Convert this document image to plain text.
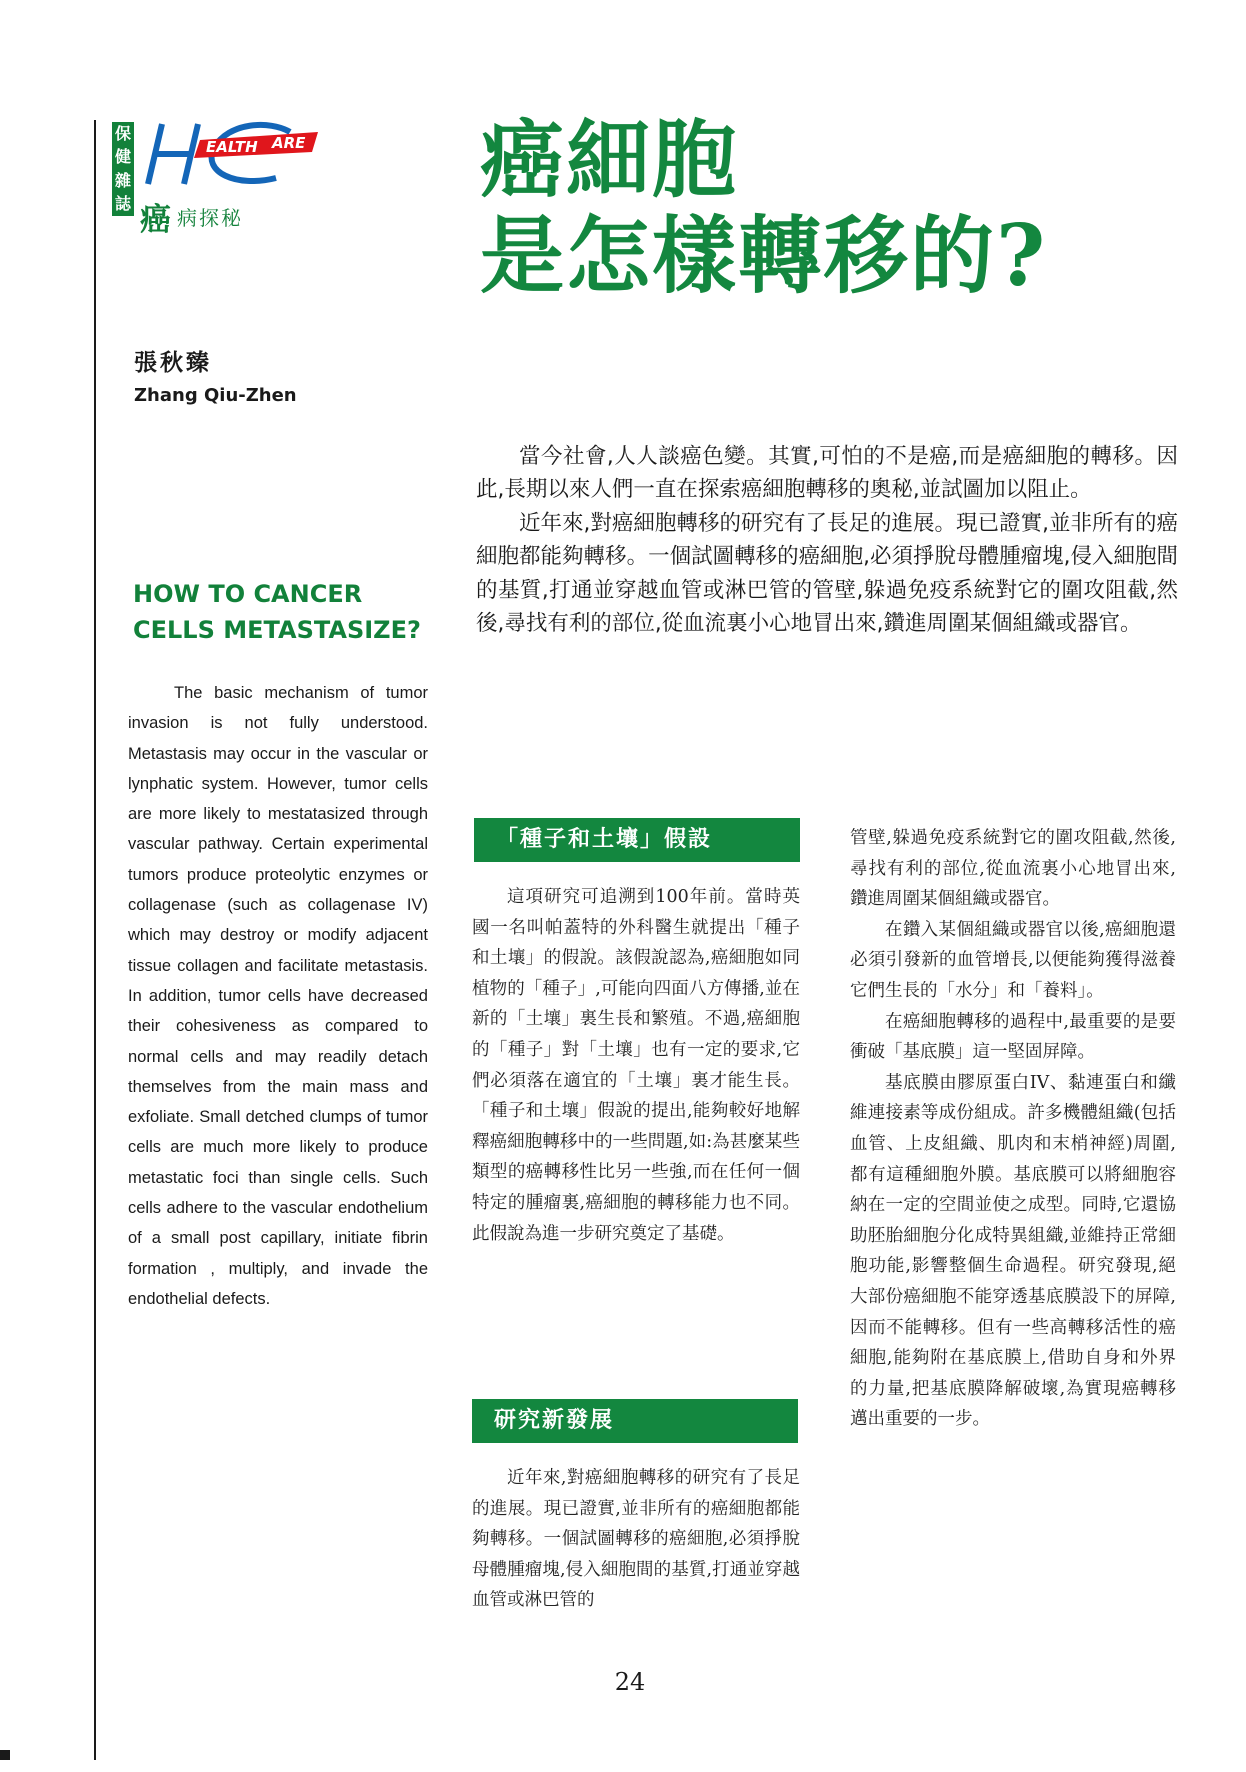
保
健
雜
誌
EALTH ARE
癌病探秘
癌細胞
是怎樣轉移的?
張秋臻
Zhang Qiu-Zhen
HOW TO CANCER CELLS METASTASIZE?

The basic mechanism of tumor invasion is not fully understood. Metastasis may occur in the vascular or lynphatic system. However, tumor cells are more likely to mestatasized through vascular pathway. Certain experimental tumors produce proteolytic enzymes or collagenase (such as collagenase IV) which may destroy or modify adjacent tissue collagen and facilitate metastasis. In addition, tumor cells have decreased their cohesiveness as compared to normal cells and may readily detach themselves from the main mass and exfoliate. Small detched clumps of tumor cells are much more likely to produce metastatic foci than single cells. Such cells adhere to the vascular endothelium of a small post capillary, initiate fibrin formation , multiply, and invade the endothelial defects.

當今社會,人人談癌色變。其實,可怕的不是癌,而是癌細胞的轉移。因此,長期以來人們一直在探索癌細胞轉移的奧秘,並試圖加以阻止。

近年來,對癌細胞轉移的研究有了長足的進展。現已證實,並非所有的癌細胞都能夠轉移。一個試圖轉移的癌細胞,必須掙脫母體腫瘤塊,侵入細胞間的基質,打通並穿越血管或淋巴管的管壁,躲過免疫系統對它的圍攻阻截,然後,尋找有利的部位,從血流裏小心地冒出來,鑽進周圍某個組織或器官。

「種子和土壤」假設

這項研究可追溯到100年前。當時英國一名叫帕蓋特的外科醫生就提出「種子和土壤」的假說。該假說認為,癌細胞如同植物的「種子」,可能向四面八方傳播,並在新的「土壤」裏生長和繁殖。不過,癌細胞的「種子」對「土壤」也有一定的要求,它們必須落在適宜的「土壤」裏才能生長。「種子和土壤」假說的提出,能夠較好地解釋癌細胞轉移中的一些問題,如:為甚麼某些類型的癌轉移性比另一些強,而在任何一個特定的腫瘤裏,癌細胞的轉移能力也不同。此假說為進一步研究奠定了基礎。

研究新發展

近年來,對癌細胞轉移的研究有了長足的進展。現已證實,並非所有的癌細胞都能夠轉移。一個試圖轉移的癌細胞,必須掙脫母體腫瘤塊,侵入細胞間的基質,打通並穿越血管或淋巴管的

管壁,躲過免疫系統對它的圍攻阻截,然後,尋找有利的部位,從血流裏小心地冒出來,鑽進周圍某個組織或器官。

在鑽入某個組織或器官以後,癌細胞還必須引發新的血管增長,以便能夠獲得滋養它們生長的「水分」和「養料」。

在癌細胞轉移的過程中,最重要的是要衝破「基底膜」這一堅固屏障。

基底膜由膠原蛋白IV、黏連蛋白和纖維連接素等成份組成。許多機體組織(包括血管、上皮組織、肌肉和末梢神經)周圍,都有這種細胞外膜。基底膜可以將細胞容納在一定的空間並使之成型。同時,它還協助胚胎細胞分化成特異組織,並維持正常細胞功能,影響整個生命過程。研究發現,絕大部份癌細胞不能穿透基底膜設下的屏障,因而不能轉移。但有一些高轉移活性的癌細胞,能夠附在基底膜上,借助自身和外界的力量,把基底膜降解破壞,為實現癌轉移邁出重要的一步。

24
